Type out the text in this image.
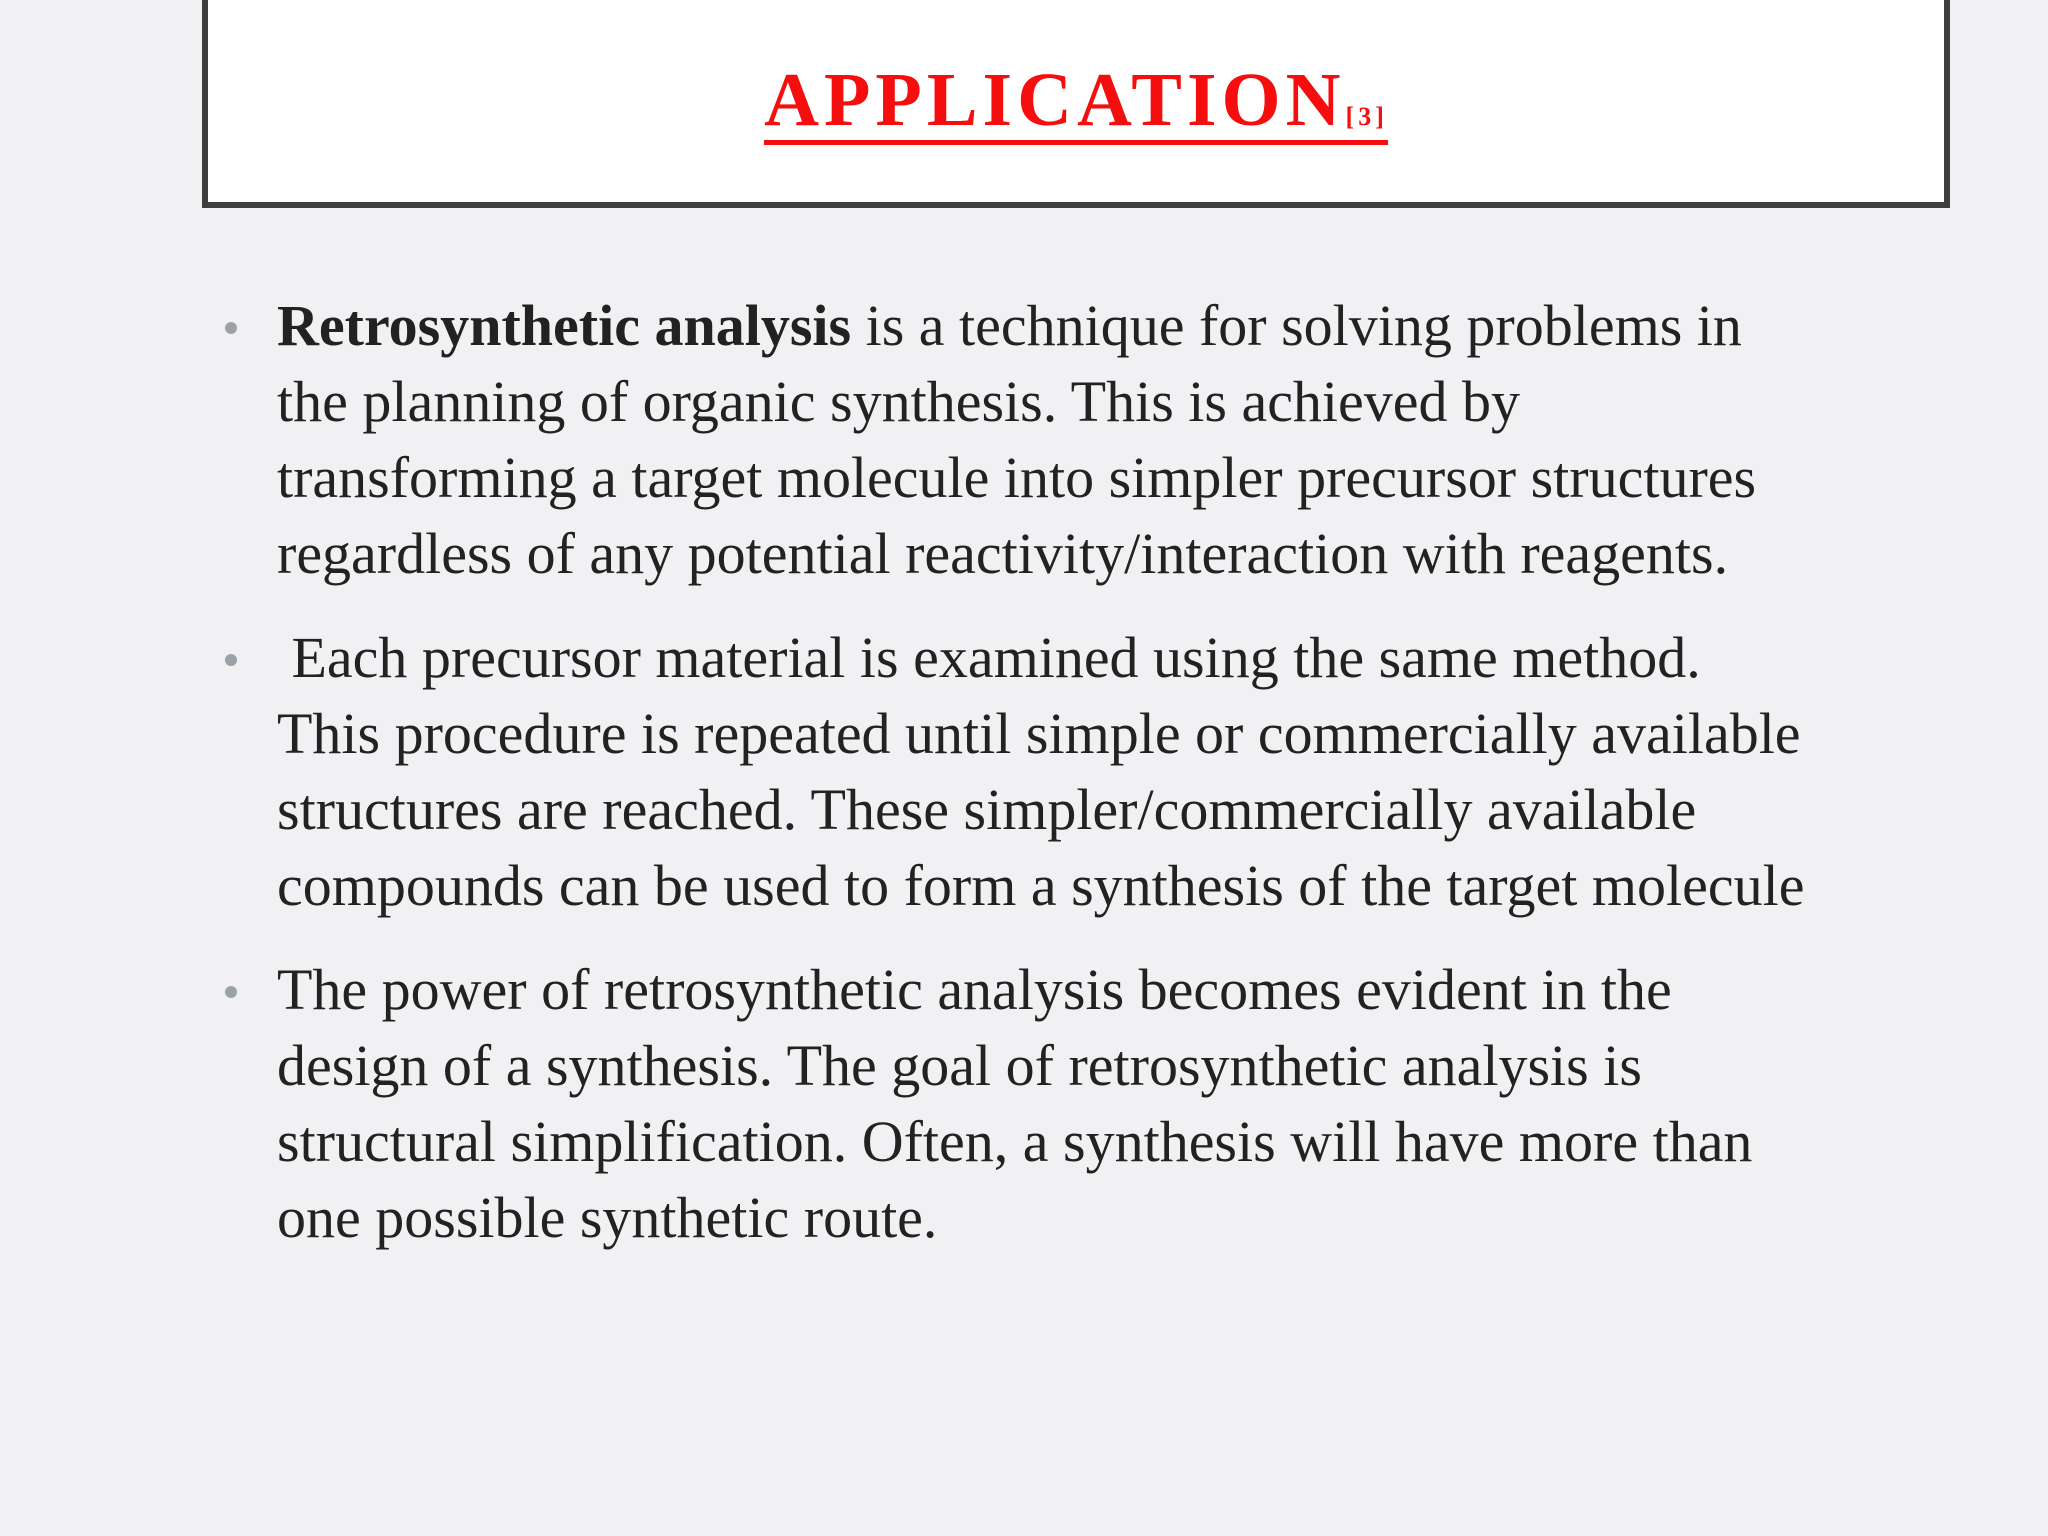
APPLICATION[3]
Retrosynthetic analysis is a technique for solving problems in
the planning of organic synthesis. This is achieved by
transforming a target molecule into simpler precursor structures
regardless of any potential reactivity/interaction with reagents.
Each precursor material is examined using the same method.
This procedure is repeated until simple or commercially available
structures are reached. These simpler/commercially available
compounds can be used to form a synthesis of the target molecule
The power of retrosynthetic analysis becomes evident in the
design of a synthesis. The goal of retrosynthetic analysis is
structural simplification. Often, a synthesis will have more than
one possible synthetic route.
